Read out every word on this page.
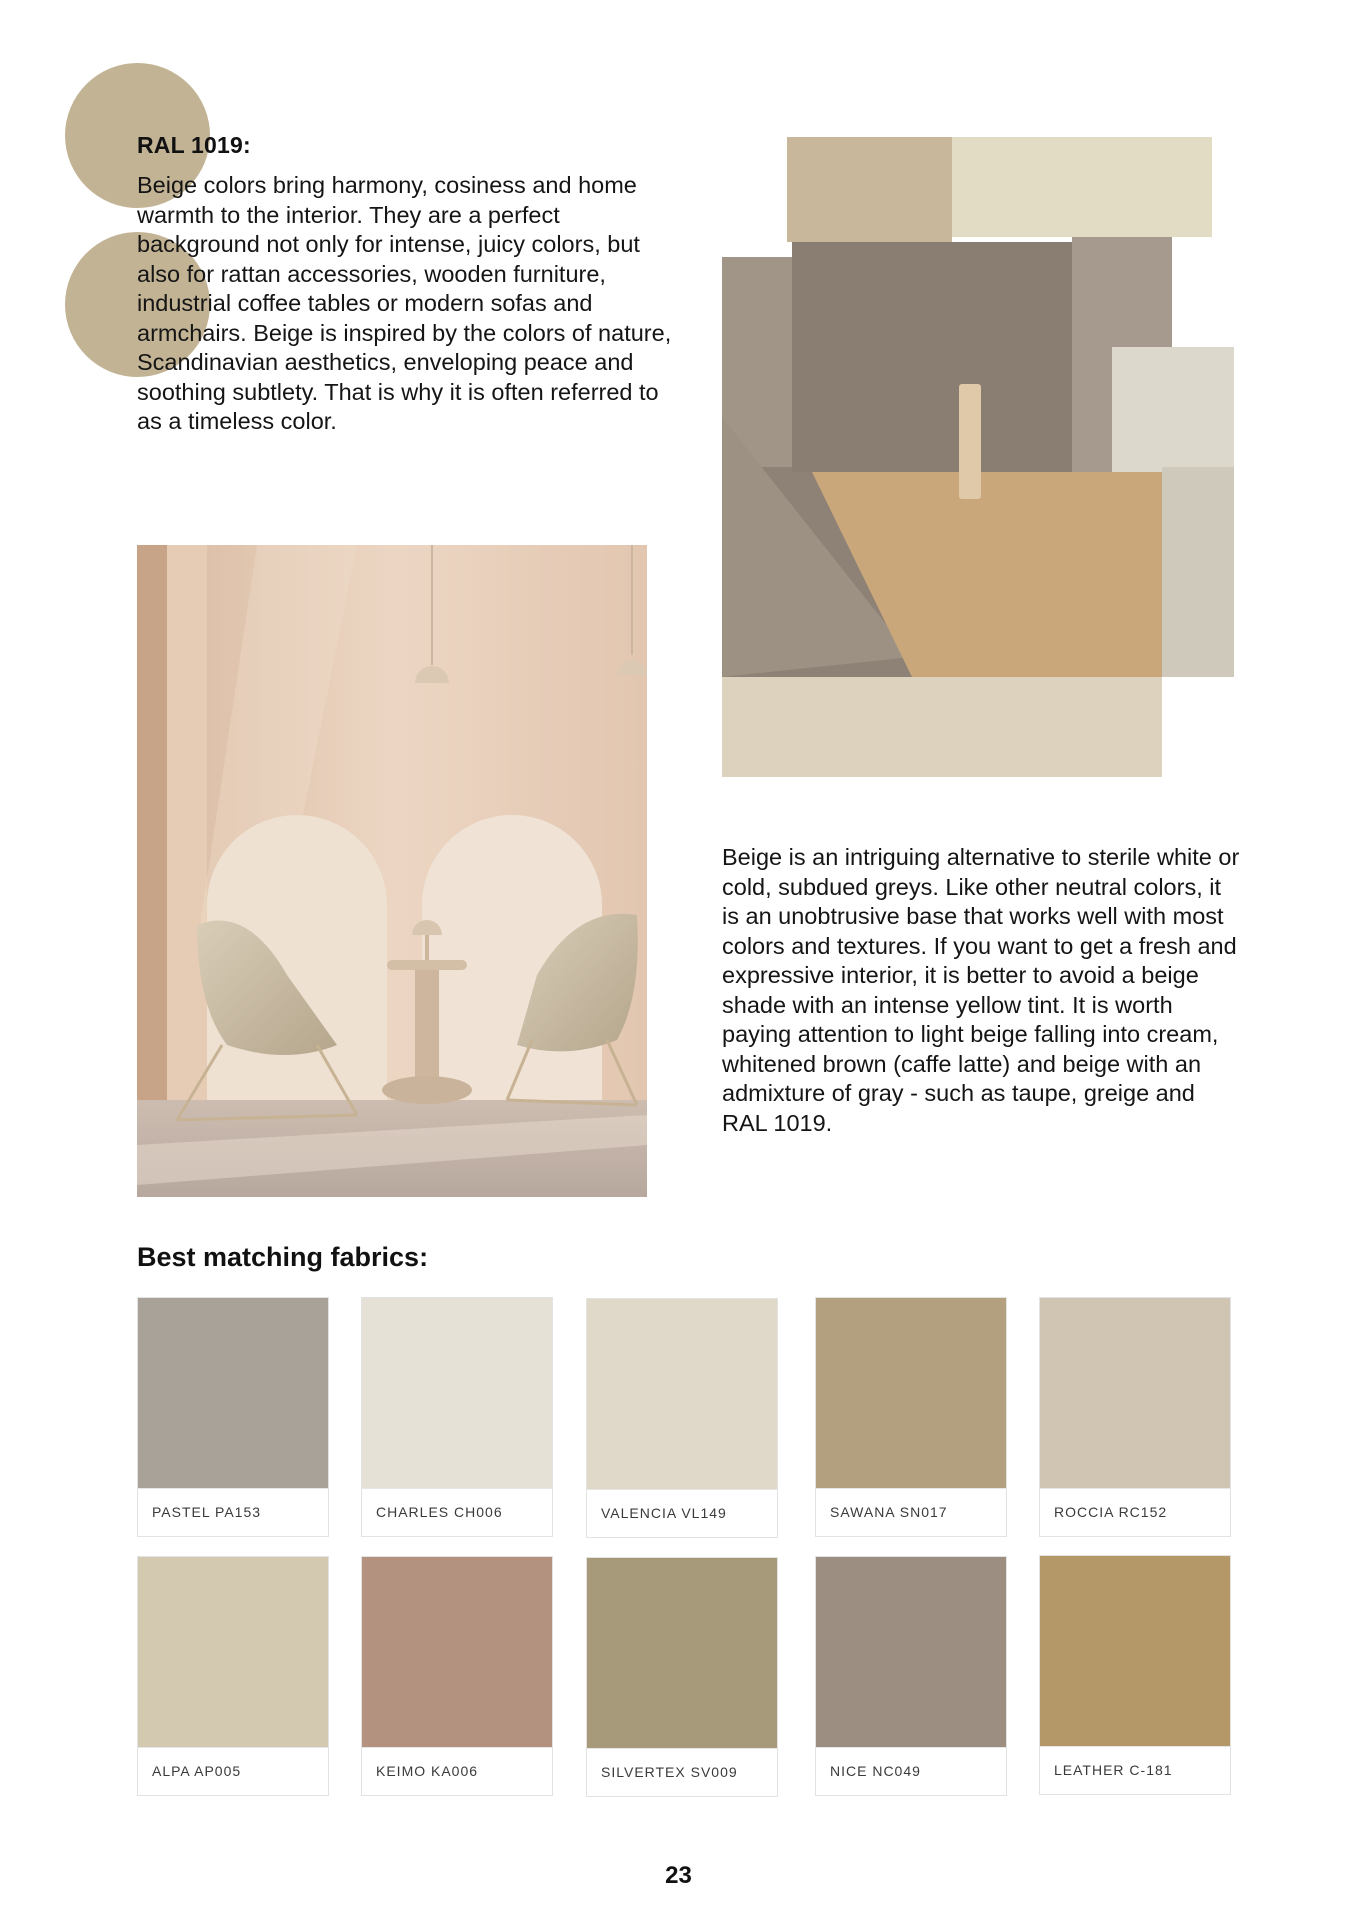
RAL 1019:

Beige colors bring harmony, cosiness and home warmth to the interior. They are a perfect background not only for intense, juicy colors, but also for rattan accessories, wooden furniture, industrial coffee tables or modern sofas and armchairs. Beige is inspired by the colors of nature, Scandinavian aesthetics, enveloping peace and soothing subtlety. That is why it is often referred to as a timeless color.

Beige is an intriguing alternative to sterile white or cold, subdued greys. Like other neutral colors, it is an unobtrusive base that works well with most colors and textures. If you want to get a fresh and expressive interior, it is better to avoid a beige shade with an intense yellow tint. It is worth paying attention to light beige falling into cream, whitened brown (caffe latte) and beige with an admixture of gray - such as taupe, greige and RAL 1019.

Best matching fabrics:
PASTEL PA153	CHARLES CH006	VALENCIA VL149	SAWANA SN017	ROCCIA RC152
ALPA AP005	KEIMO KA006	SILVERTEX SV009	NICE NC049	LEATHER C-181
23
